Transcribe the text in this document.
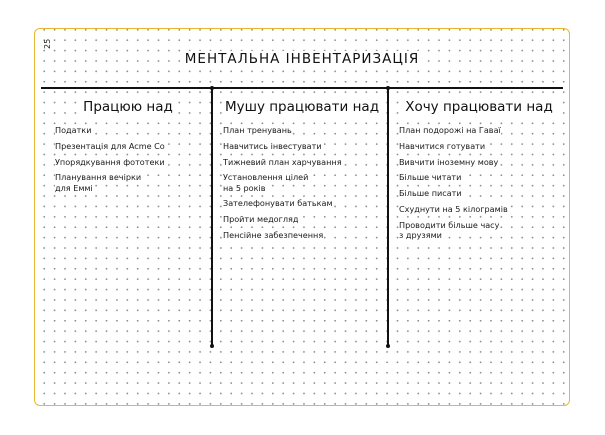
25
МЕНТАЛЬНА ІНВЕНТАРИЗАЦІЯ
Працюю над	Мушу працювати над	Хочу працювати над
Податки
Презентація для Acme Co
Упорядкування фототеки
Планування вечірки
для Еммі
План тренувань
Навчитись інвестувати
Тижневий план харчування
Установлення цілей
на 5 років
Зателефонувати батькам
Пройти медогляд
Пенсійне забезпечення
План подорожі на Гаваї
Навчитися готувати
Вивчити іноземну мову
Більше читати
Більше писати
Схуднути на 5 кілограмів
Проводити більше часу
з друзями
